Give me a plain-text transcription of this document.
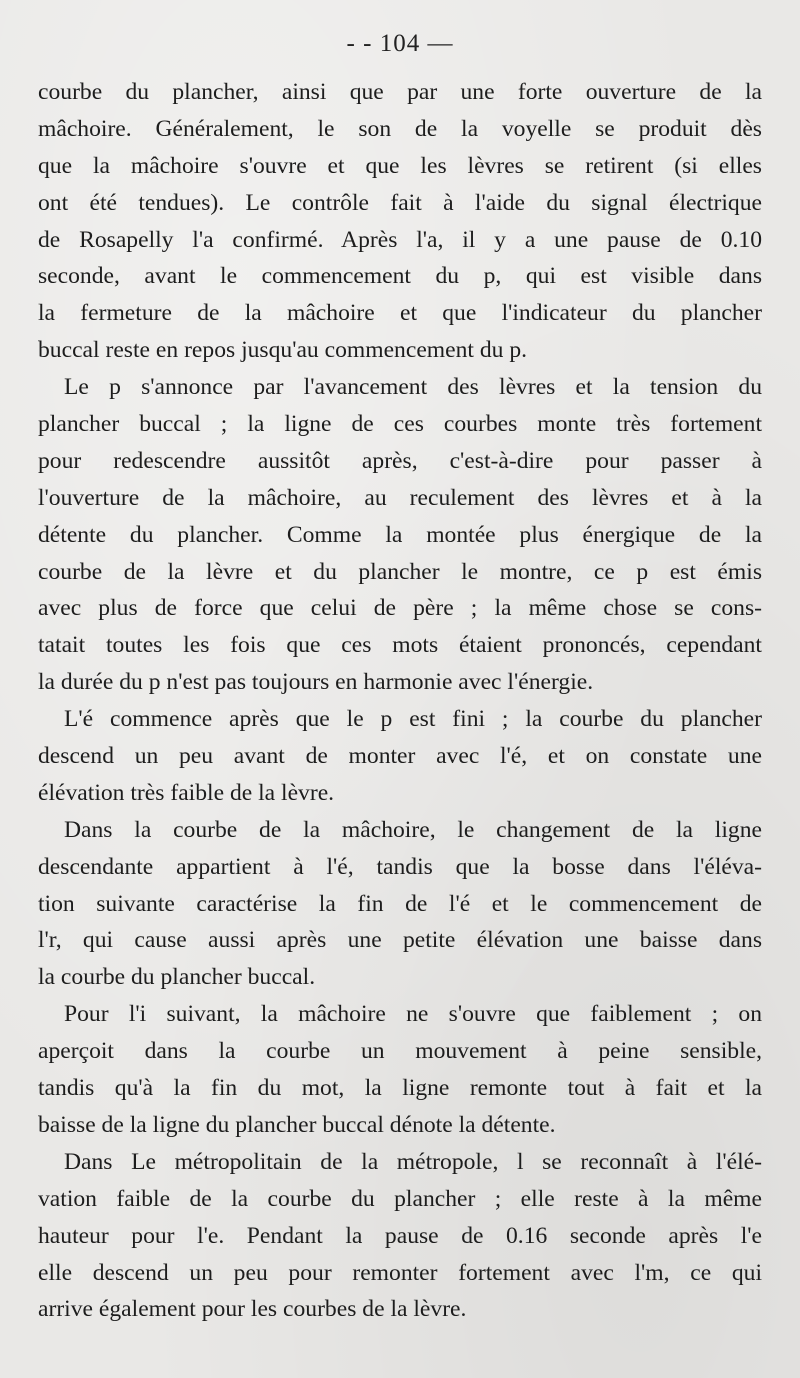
- - 104 —
courbe du plancher, ainsi que par une forte ouverture de la
mâchoire. Généralement, le son de la voyelle se produit dès
que la mâchoire s'ouvre et que les lèvres se retirent (si elles
ont été tendues). Le contrôle fait à l'aide du signal électrique
de Rosapelly l'a confirmé. Après l'a, il y a une pause de 0.10
seconde, avant le commencement du p, qui est visible dans
la fermeture de la mâchoire et que l'indicateur du plancher
buccal reste en repos jusqu'au commencement du p.
Le p s'annonce par l'avancement des lèvres et la tension du
plancher buccal ; la ligne de ces courbes monte très fortement
pour redescendre aussitôt après, c'est-à-dire pour passer à
l'ouverture de la mâchoire, au reculement des lèvres et à la
détente du plancher. Comme la montée plus énergique de la
courbe de la lèvre et du plancher le montre, ce p est émis
avec plus de force que celui de père ; la même chose se cons-
tatait toutes les fois que ces mots étaient prononcés, cependant
la durée du p n'est pas toujours en harmonie avec l'énergie.
L'é commence après que le p est fini ; la courbe du plancher
descend un peu avant de monter avec l'é, et on constate une
élévation très faible de la lèvre.
Dans la courbe de la mâchoire, le changement de la ligne
descendante appartient à l'é, tandis que la bosse dans l'éléva-
tion suivante caractérise la fin de l'é et le commencement de
l'r, qui cause aussi après une petite élévation une baisse dans
la courbe du plancher buccal.
Pour l'i suivant, la mâchoire ne s'ouvre que faiblement ; on
aperçoit dans la courbe un mouvement à peine sensible,
tandis qu'à la fin du mot, la ligne remonte tout à fait et la
baisse de la ligne du plancher buccal dénote la détente.
Dans Le métropolitain de la métropole, l se reconnaît à l'élé-
vation faible de la courbe du plancher ; elle reste à la même
hauteur pour l'e. Pendant la pause de 0.16 seconde après l'e
elle descend un peu pour remonter fortement avec l'm, ce qui
arrive également pour les courbes de la lèvre.
